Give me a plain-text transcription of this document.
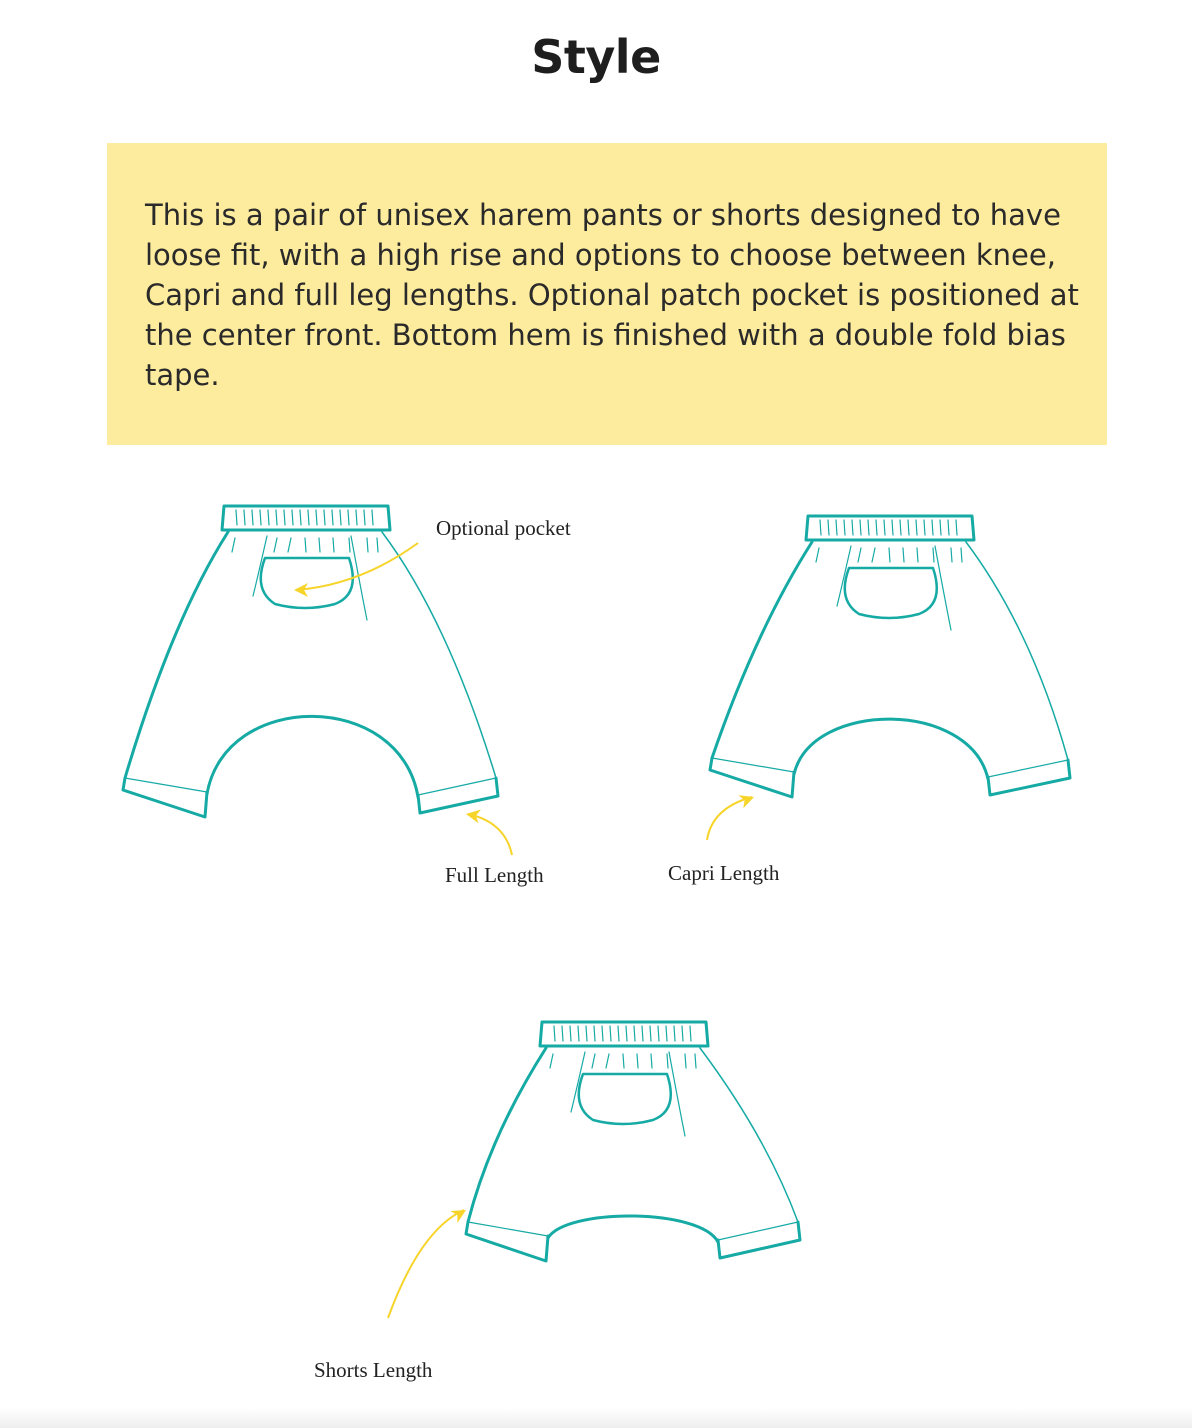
Style

This is a pair of unisex harem pants or shorts designed to have loose fit, with a high rise and options to choose between knee, Capri and full leg lengths. Optional patch pocket is positioned at the center front. Bottom hem is finished with a double fold bias tape.

Optional pocket
Full Length	Capri Length
Shorts Length
